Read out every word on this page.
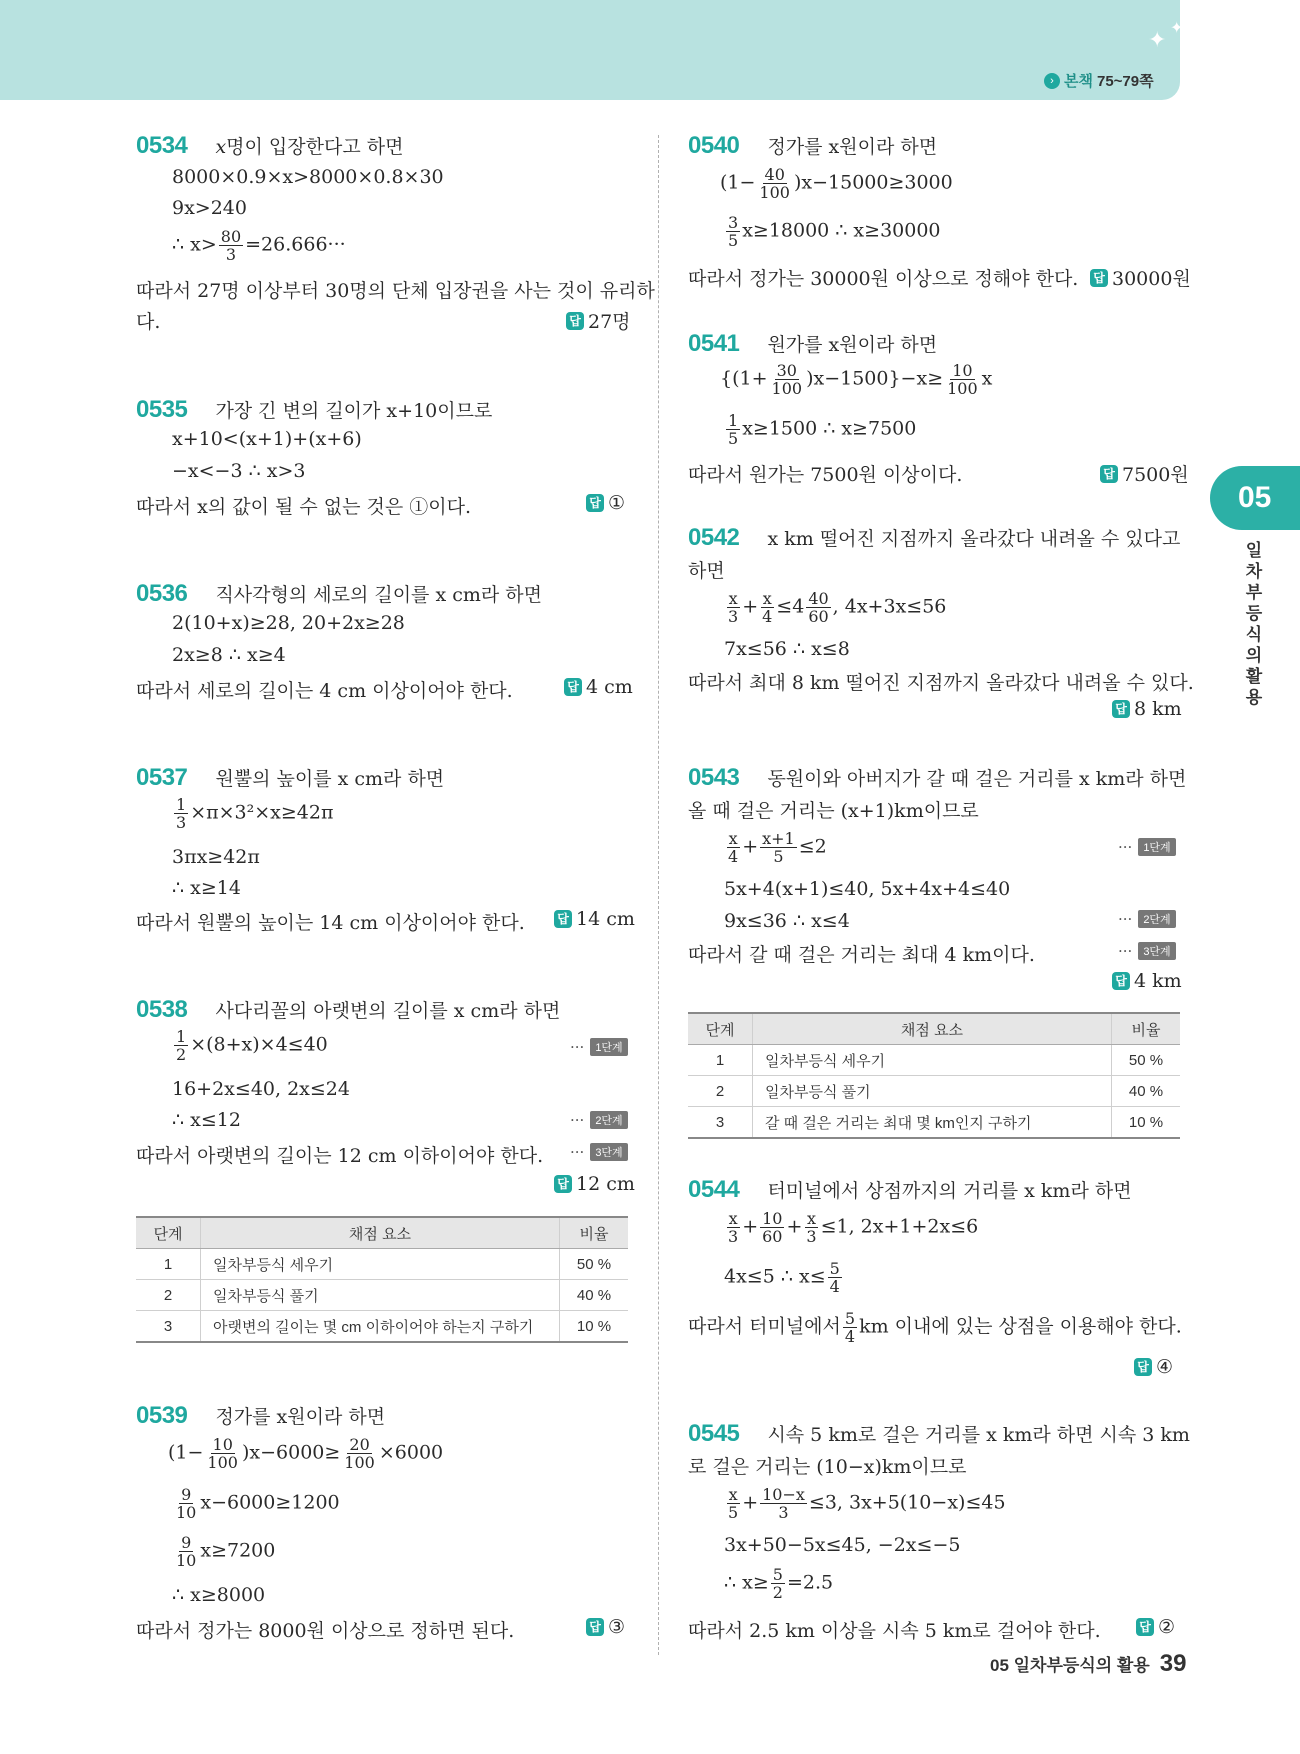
✦
✦
› 본책 75~79쪽
05
일차부등식의 활용
0534 x명이 입장한다고 하면
8000×0.9×x>8000×0.8×30
9x>240
∴ $x> \frac{80}{3} =26.666\cdot\cdot\cdot$
따라서 27명 이상부터 30명의 단체 입장권을 사는 것이 유리하
다.	답 27명
0535 가장 긴 변의 길이가 x+10이므로
x+10<(x+1)+(x+6)
−x<−3 ∴ x>3
따라서 x의 값이 될 수 없는 것은 ①이다.	답 ①
0536 직사각형의 세로의 길이를 x cm라 하면
2(10+x)≥28, 20+2x≥28
2x≥8 ∴ x≥4
따라서 세로의 길이는 4 cm 이상이어야 한다.	답 4 cm
0537 원뿔의 높이를 x cm라 하면
$\frac{1}{3} \times\pi\times 3^2\times x\ge 42\pi$
3πx≥42π
∴ x≥14
따라서 원뿔의 높이는 14 cm 이상이어야 한다.	답 14 cm
0538 사다리꼴의 아랫변의 길이를 x cm라 하면
$\frac{1}{2} \times(8+x)\times 4\le 40$	···	1단계
16+2x≤40, 2x≤24
∴ x≤12	···	2단계
따라서 아랫변의 길이는 12 cm 이하이어야 한다. ···	3단계
답 12 cm
단계	채점 요소	비율
1	일차부등식 세우기	50 %
2	일차부등식 풀기	40 %
3	아랫변의 길이는 몇 cm 이하이어야 하는지 구하기	10 %
0539 정가를 x원이라 하면
$(1- \frac{10}{100} )x-6000\ge \frac{20}{100} \times 6000$
$\frac{9}{10} x-6000\ge 1200$
$\frac{9}{10} x\ge 7200$
∴ x≥8000
따라서 정가는 8000원 이상으로 정하면 된다.	답 ③
0540 정가를 x원이라 하면
$(1- \frac{40}{100} )x-15000\ge 3000$
$\frac{3}{5} x\ge 18000$ ∴ x≥30000
따라서 정가는 30000원 이상으로 정해야 한다. 답 30000원
0541 원가를 x원이라 하면
$\{(1+ \frac{30}{100} )x-1500\}-x\ge \frac{10}{100}$ x
$\frac{1}{5} x\ge 1500$ ∴ x≥7500
따라서 원가는 7500원 이상이다.	답 7500원
0542 x km 떨어진 지점까지 올라갔다 내려올 수 있다고
하면
$\frac{x}{3} + \frac{x}{4} \le 4 \frac{40}{60}$ , 4x+3x≤56
7x≤56 ∴ x≤8
따라서 최대 8 km 떨어진 지점까지 올라갔다 내려올 수 있다.
답 8 km
0543 동원이와 아버지가 갈 때 걸은 거리를 x km라 하면
올 때 걸은 거리는 (x+1)km이므로
$\frac{x}{4} + \frac{x+1}{5} \le 2$	···	1단계
5x+4(x+1)≤40, 5x+4x+4≤40
9x≤36 ∴ x≤4	···	2단계
따라서 갈 때 걸은 거리는 최대 4 km이다.	···	3단계
답 4 km
단계	채점 요소	비율
1	일차부등식 세우기	50 %
2	일차부등식 풀기	40 %
3	갈 때 걸은 거리는 최대 몇 km인지 구하기	10 %
0544 터미널에서 상점까지의 거리를 x km라 하면
$\frac{x}{3} + \frac{10}{60} + \frac{x}{3} \le 1$, 2x+1+2x≤6
4x≤5 ∴ $x\le \frac{5}{4}$
따라서 터미널에서 $\frac{5}{4}$ km 이내에 있는 상점을 이용해야 한다.
답 ④
0545 시속 5 km로 걸은 거리를 x km라 하면 시속 3 km
로 걸은 거리는 (10−x)km이므로
$\frac{x}{5} + \frac{10-x}{3} \le 3$, 3x+5(10−x)≤45
3x+50−5x≤45, −2x≤−5
∴ $x\ge \frac{5}{2} =2.5$
따라서 2.5 km 이상을 시속 5 km로 걸어야 한다.	답 ②
05 일차부등식의 활용 39
